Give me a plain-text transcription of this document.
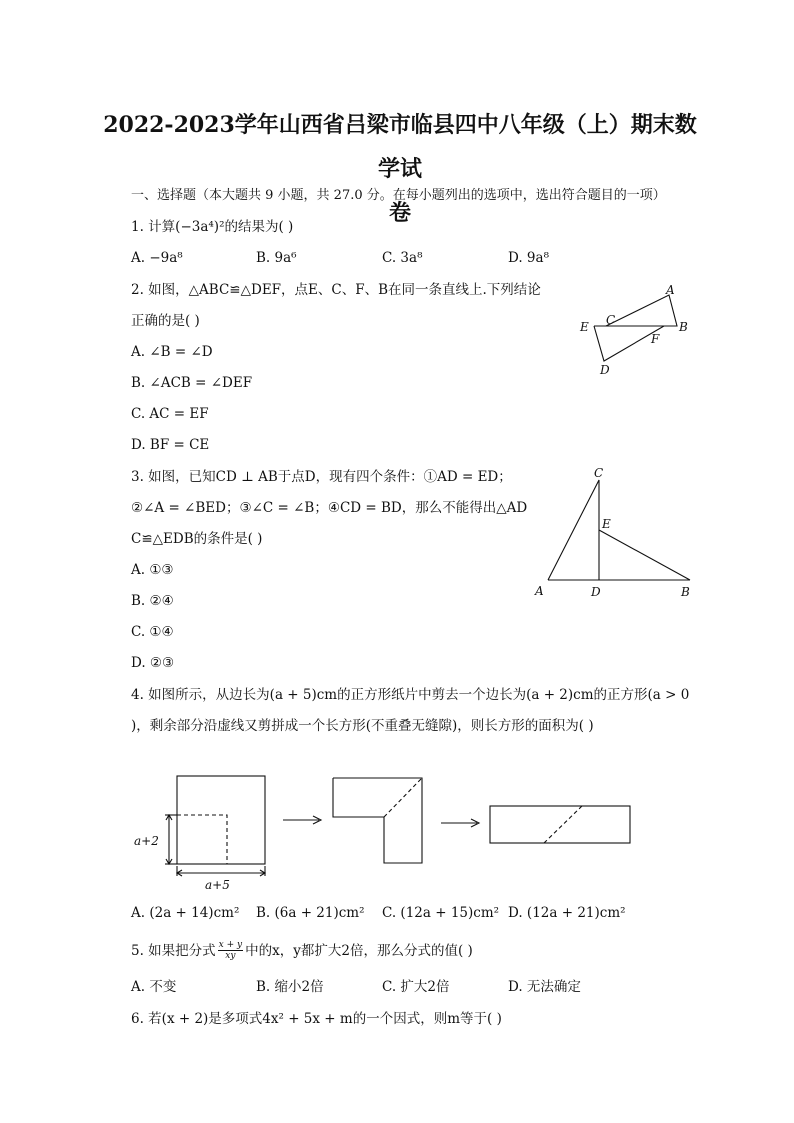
2022-2023学年山西省吕梁市临县四中八年级（上）期末数学试
卷
一、选择题（本大题共 9 小题，共 27.0 分。在每小题列出的选项中，选出符合题目的一项）
1. 计算(−3a⁴)²的结果为( )
A. −9a⁸	B. 9a⁶	C. 3a⁸	D. 9a⁸
2. 如图，△ABC≌△DEF，点E、C、F、B在同一条直线上.下列结论
正确的是( )
A. ∠B = ∠D
B. ∠ACB = ∠DEF
C. AC = EF
D. BF = CE
A
B
C
D
E
F
3. 如图，已知CD ⊥ AB于点D，现有四个条件：①AD = ED；
②∠A = ∠BED；③∠C = ∠B；④CD = BD，那么不能得出△AD
C≌△EDB的条件是( )
A. ①③
B. ②④
C. ①④
D. ②③
A	B
C
D
E
4. 如图所示，从边长为(a + 5)cm的正方形纸片中剪去一个边长为(a + 2)cm的正方形(a > 0
)，剩余部分沿虚线又剪拼成一个长方形(不重叠无缝隙)，则长方形的面积为( )
a+2
a+5
A. (2a + 14)cm² B. (6a + 21)cm² C. (12a + 15)cm² D. (12a + 21)cm²
5. 如果把分式 $\frac{x + y}{xy}$ 中的x，y都扩大2倍，那么分式的值( )
A. 不变	B. 缩小2倍	C. 扩大2倍	D. 无法确定
6. 若(x + 2)是多项式4x² + 5x + m的一个因式，则m等于( )
